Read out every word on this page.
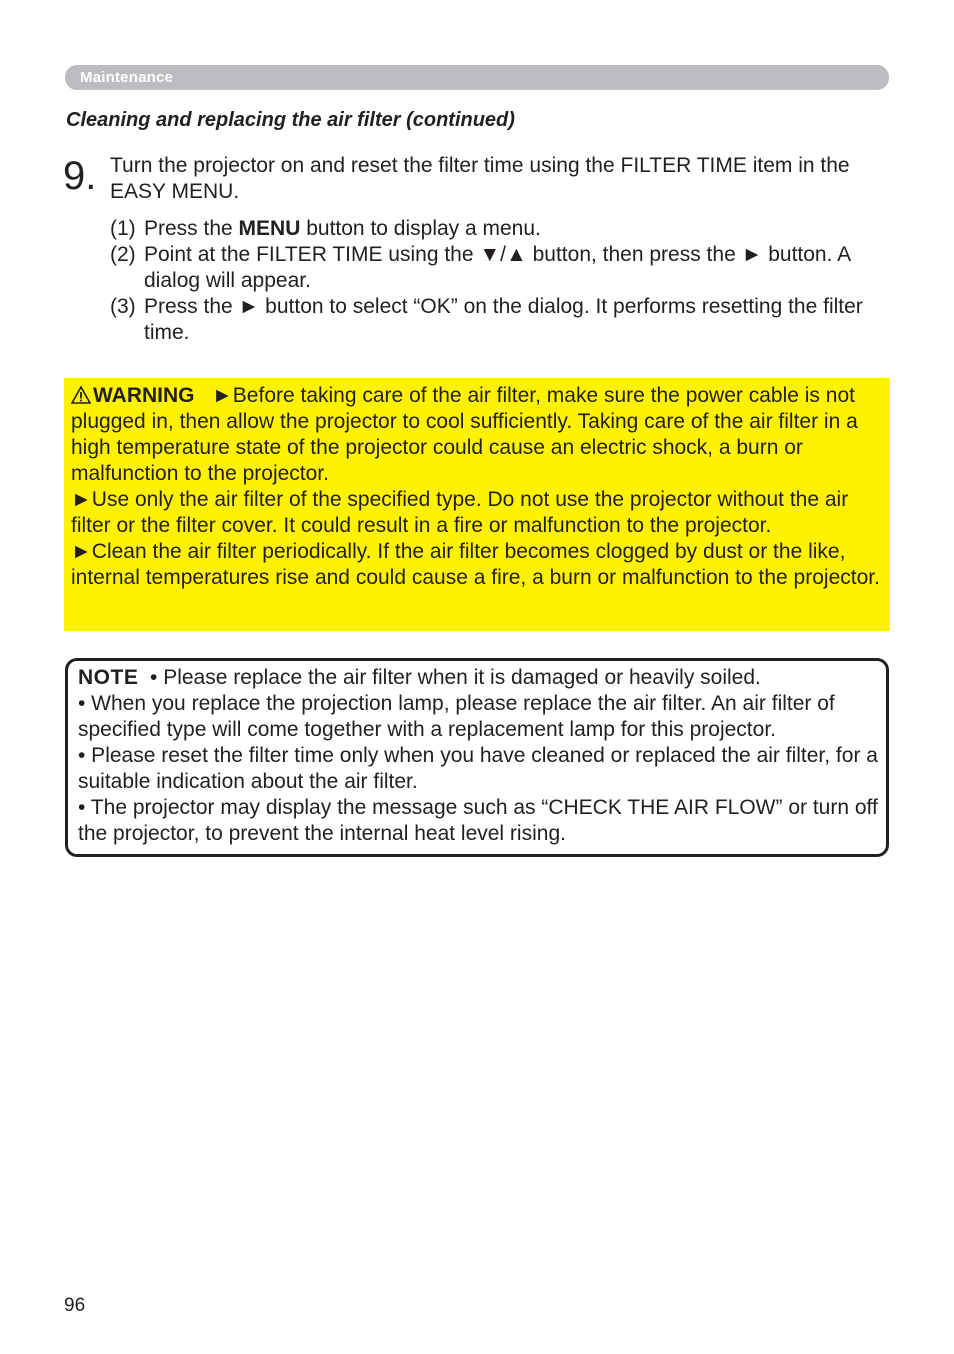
Maintenance
Cleaning and replacing the air filter (continued)
9. Turn the projector on and reset the filter time using the FILTER TIME item in the EASY MENU.
(1) Press the MENU button to display a menu.
(2) Point at the FILTER TIME using the ▼/▲ button, then press the ► button. A dialog will appear.
(3) Press the ► button to select “OK” on the dialog. It performs resetting the filter time.

WARNING ►Before taking care of the air filter, make sure the power cable is not plugged in, then allow the projector to cool sufficiently. Taking care of the air filter in a high temperature state of the projector could cause an electric shock, a burn or malfunction to the projector.

►Use only the air filter of the specified type. Do not use the projector without the air filter or the filter cover. It could result in a fire or malfunction to the projector.

►Clean the air filter periodically. If the air filter becomes clogged by dust or the like, internal temperatures rise and could cause a fire, a burn or malfunction to the projector.

NOTE • Please replace the air filter when it is damaged or heavily soiled.

• When you replace the projection lamp, please replace the air filter. An air filter of specified type will come together with a replacement lamp for this projector.

• Please reset the filter time only when you have cleaned or replaced the air filter, for a suitable indication about the air filter.

• The projector may display the message such as “CHECK THE AIR FLOW” or turn off the projector, to prevent the internal heat level rising.

96
